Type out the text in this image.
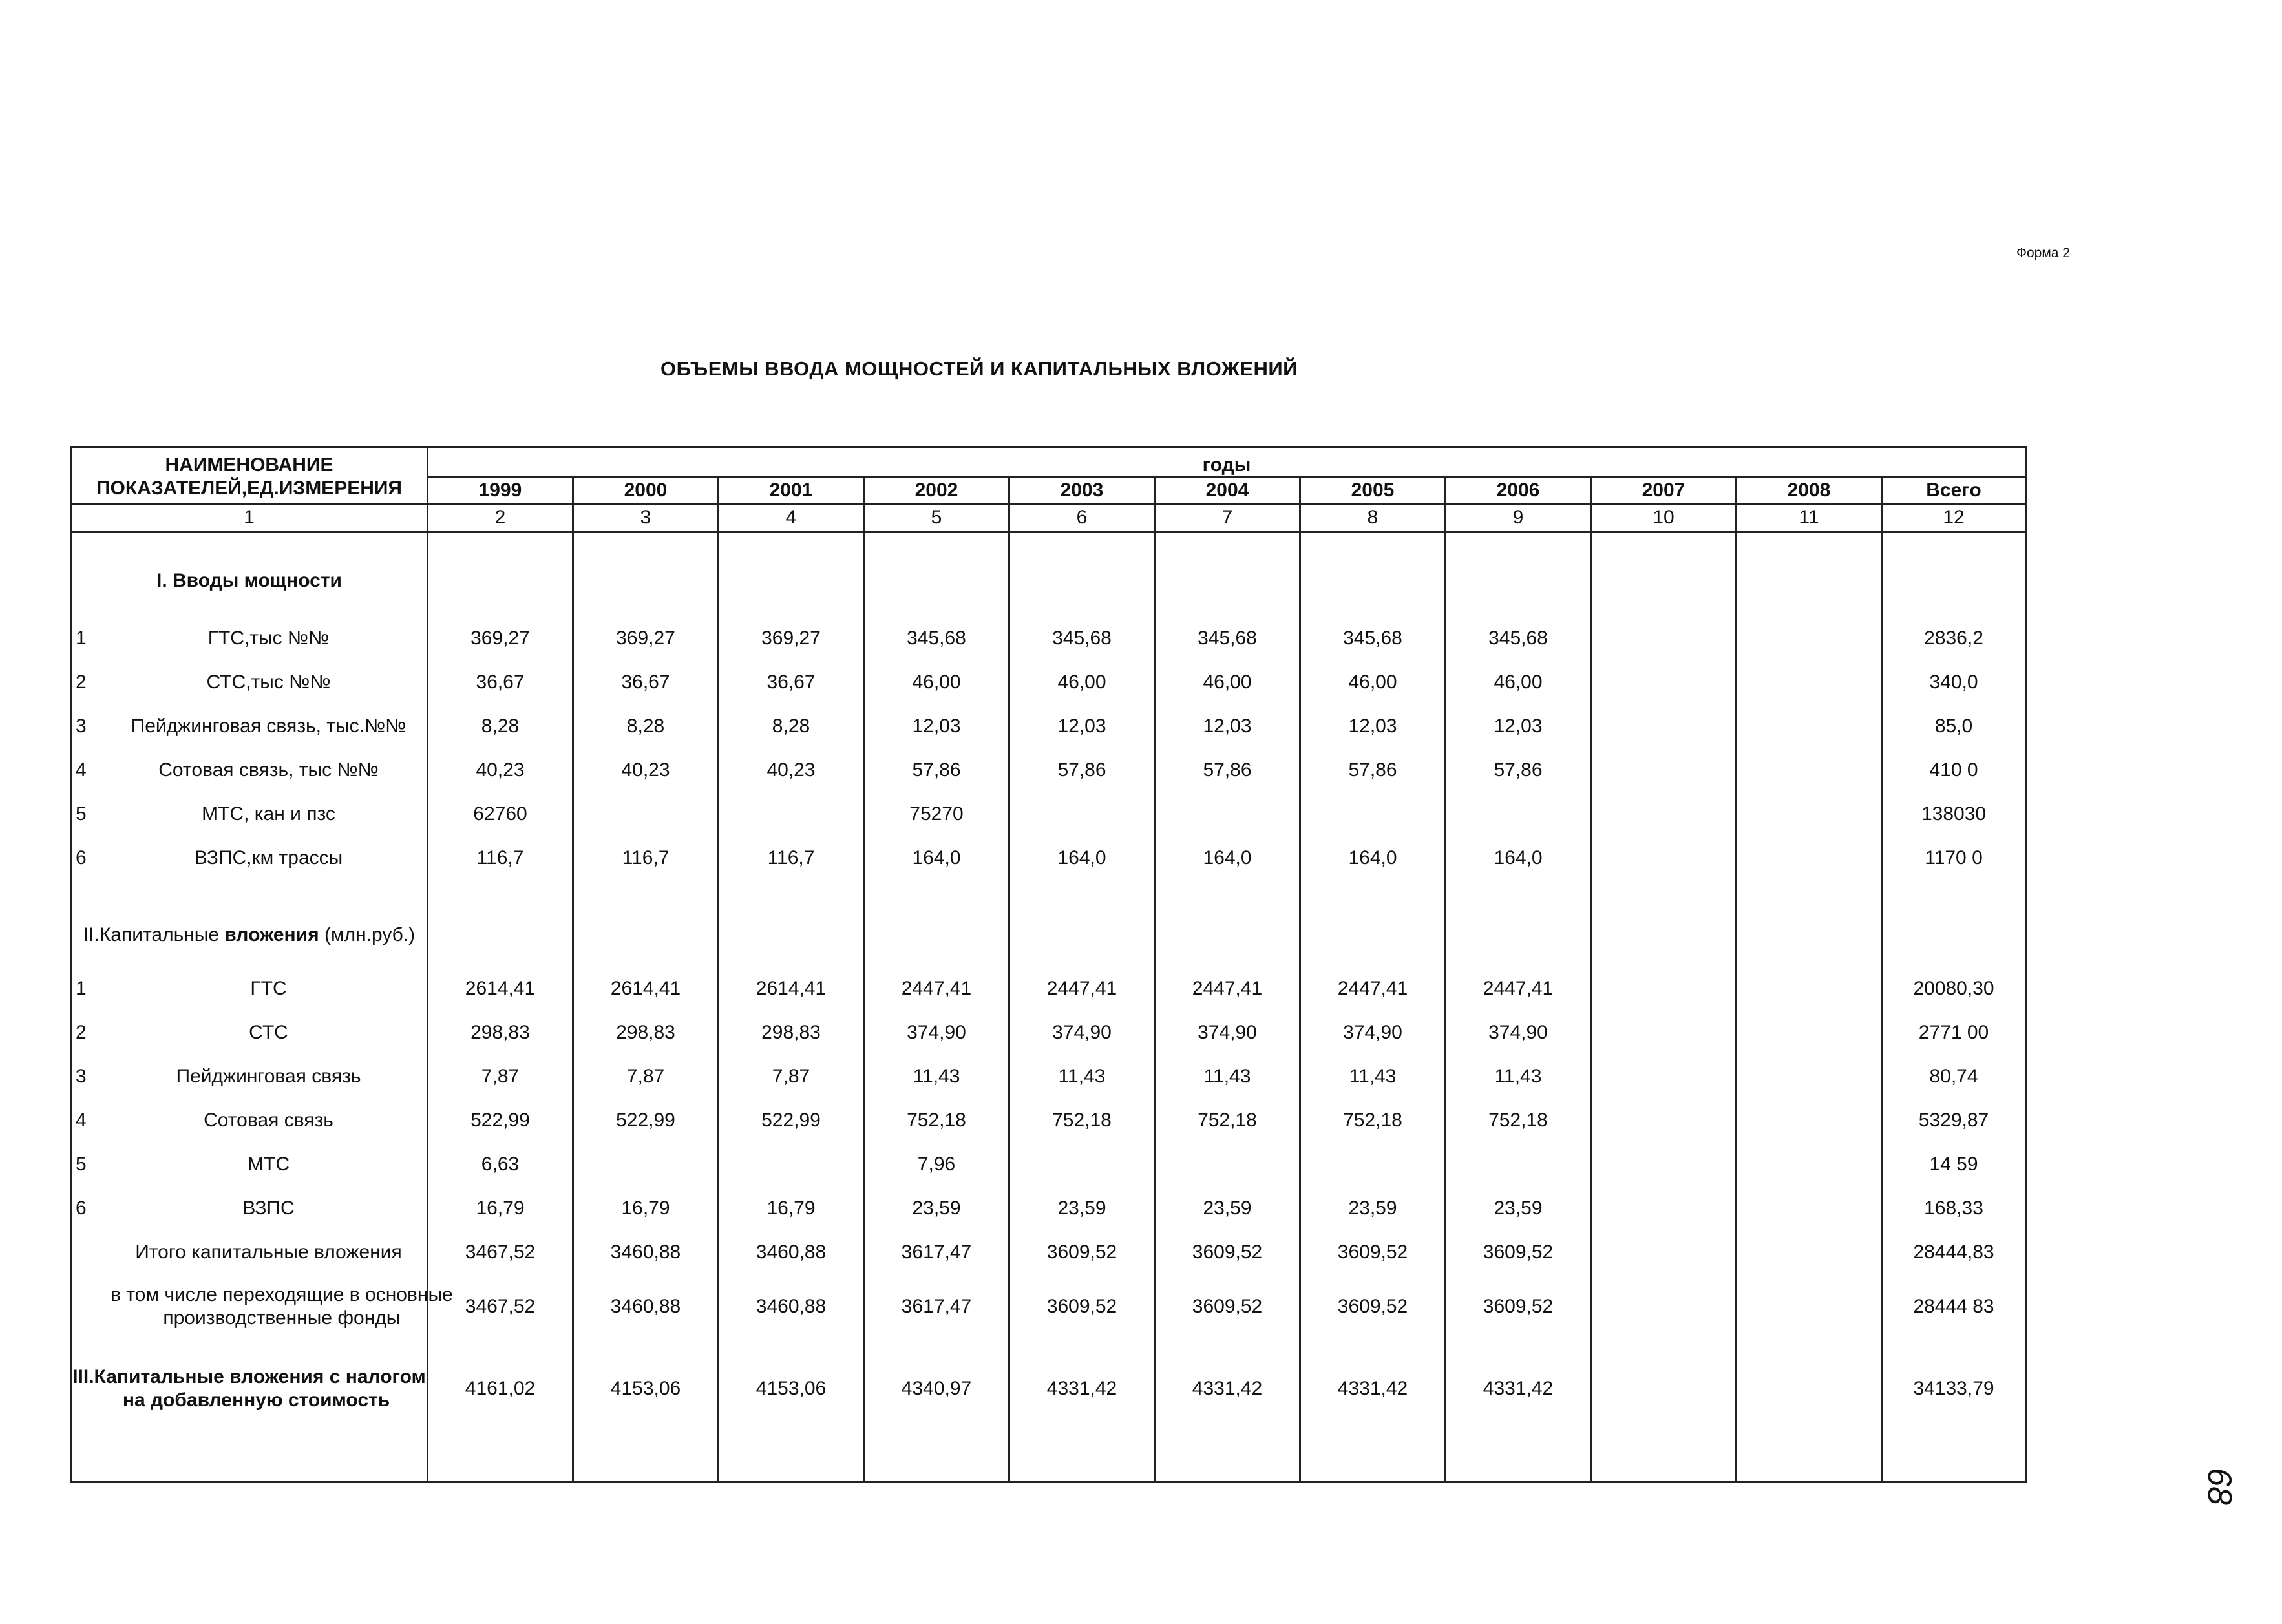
Форма 2
ОБЪЕМЫ ВВОДА МОЩНОСТЕЙ И КАПИТАЛЬНЫХ ВЛОЖЕНИЙ
68
НАИМЕНОВАНИЕ
ПОКАЗАТЕЛЕЙ,ЕД.ИЗМЕРЕНИЯ	годы										
	1999	2000	2001	2002	2003	2004	2005	2006	2007	2008	Всего
1	2	3	4	5	6	7	8	9	10	11	12
I. Вводы мощности											

1 ГТС,тыс №№	369,27	369,27	369,27	345,68	345,68	345,68	345,68	345,68			2836,2

2 СТС,тыс №№	36,67	36,67	36,67	46,00	46,00	46,00	46,00	46,00			340,0

3 Пейджинговая связь, тыс.№№	8,28	8,28	8,28	12,03	12,03	12,03	12,03	12,03			85,0

4 Сотовая связь, тыс №№	40,23	40,23	40,23	57,86	57,86	57,86	57,86	57,86			410 0

5 МТС, кан и пзс	62760			75270							138030

6 ВЗПС,км трассы	116,7	116,7	116,7	164,0	164,0	164,0	164,0	164,0			1170 0
II.Капитальные вложения (млн.руб.)											

1 ГТС	2614,41	2614,41	2614,41	2447,41	2447,41	2447,41	2447,41	2447,41			20080,30

2 СТС	298,83	298,83	298,83	374,90	374,90	374,90	374,90	374,90			2771 00

3 Пейджинговая связь	7,87	7,87	7,87	11,43	11,43	11,43	11,43	11,43			80,74

4 Сотовая связь	522,99	522,99	522,99	752,18	752,18	752,18	752,18	752,18			5329,87

5 МТС	6,63			7,96							14 59

6 ВЗПС	16,79	16,79	16,79	23,59	23,59	23,59	23,59	23,59			168,33
Итого капитальные вложения	3467,52	3460,88	3460,88	3617,47	3609,52	3609,52	3609,52	3609,52			28444,83

в том числе переходящие в основные
производственные фонды	3467,52	3460,88	3460,88	3617,47	3609,52	3609,52	3609,52	3609,52			28444 83

III.Капитальные вложения с налогом
на добавленную стоимость	4161,02	4153,06	4153,06	4340,97	4331,42	4331,42	4331,42	4331,42			34133,79
